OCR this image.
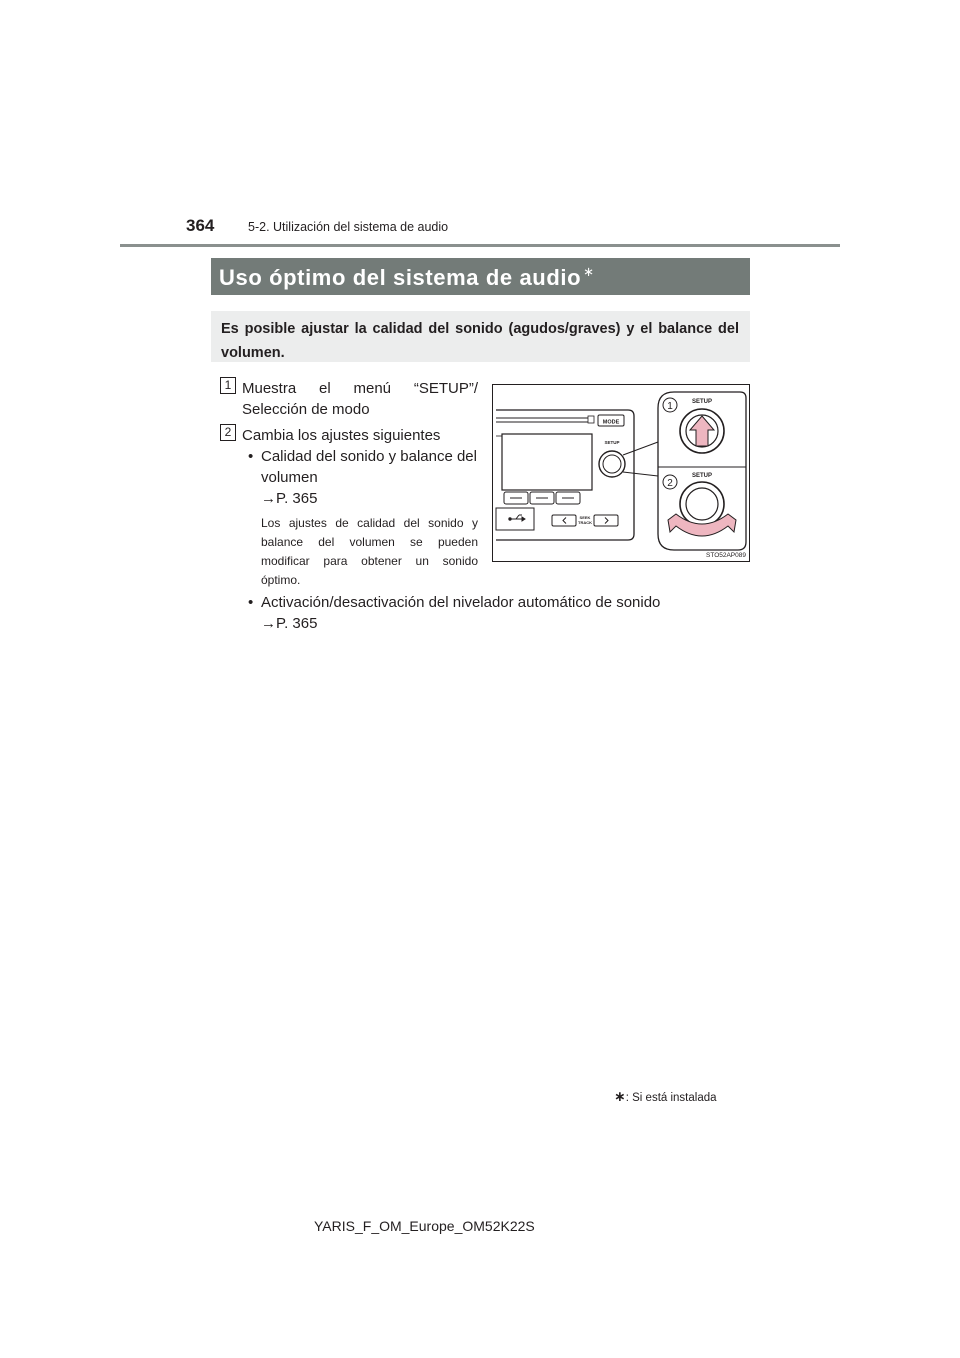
364	5-2. Utilización del sistema de audio
Uso óptimo del sistema de audio ∗
Es posible ajustar la calidad del sonido (agudos/graves) y el balance del volumen.
1 Muestra el menú “SETUP”/
Selección de modo
2 Cambia los ajustes siguientes
• Calidad del sonido y balance del
volumen
→P. 365
Los ajustes de calidad del sonido y
balance del volumen se pueden
modificar para obtener un sonido
óptimo.
• Activación/desactivación del nivelador automático de sonido
→P. 365
MODE
SETUP
SEEK
TRACK
SETUP
1
SETUP
2
STO52AP089
∗: Si está instalada
YARIS_F_OM_Europe_OM52K22S
